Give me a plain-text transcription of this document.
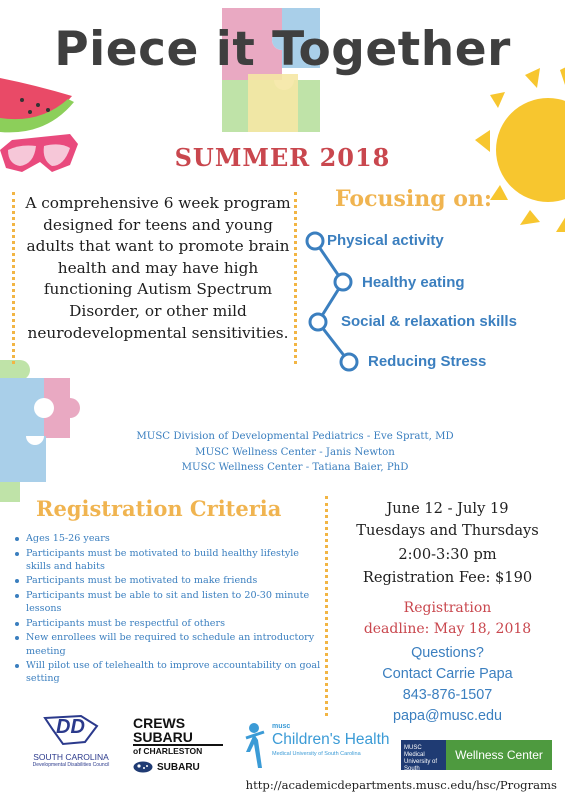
Piece it Together
SUMMER 2018
A comprehensive 6 week program designed for teens and young adults that want to promote brain health and may have high functioning Autism Spectrum Disorder, or other mild neurodevelopmental sensitivities.
Focusing on:
Physical activity
Healthy eating
Social & relaxation skills
Reducing Stress
MUSC Division of Developmental Pediatrics - Eve Spratt, MD
MUSC Wellness Center - Janis Newton
MUSC Wellness Center - Tatiana Baier, PhD
Registration Criteria
Ages 15-26 years
Participants must be motivated to build healthy lifestyle skills and habits
Participants must be motivated to make friends
Participants must be able to sit and listen to 20-30 minute lessons
Participants must be respectful of others
New enrollees will be required to schedule an introductory meeting
Will pilot use of telehealth to improve accountability on goal setting
June 12 - July 19
Tuesdays and Thursdays
2:00-3:30 pm
Registration Fee: $190
Registration
deadline: May 18, 2018
Questions?
Contact Carrie Papa
843-876-1507
papa@musc.edu
DD
SOUTH CAROLINA
Developmental Disabilities Council
CREWS
SUBARU
of CHARLESTON
SUBARU
musc
Children's Health
Medical University of South Carolina
MUSC Medical University of South Carolina
Wellness Center
http://academicdepartments.musc.edu/hsc/Programs
